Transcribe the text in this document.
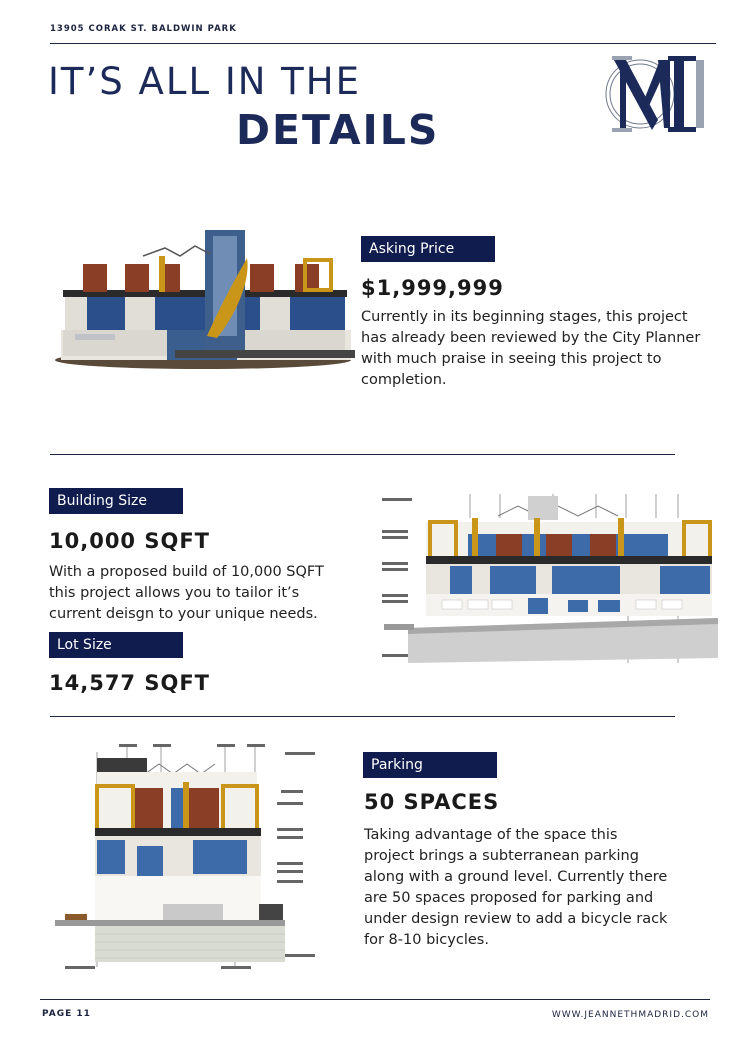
13905 CORAK ST. BALDWIN PARK
IT’S ALL IN THE
DETAILS	MJ
Asking Price
$1,999,999
Currently in its beginning stages, this project has already been reviewed by the City Planner with much praise in seeing this project to completion.
Building Size
10,000 SQFT
With a proposed build of 10,000 SQFT this project allows you to tailor it’s current deisgn to your unique needs.
Lot Size
14,577 SQFT
Parking
50 SPACES
Taking advantage of the space this project brings a subterranean parking along with a ground level. Currently there are 50 spaces proposed for parking and under design review to add a bicycle rack for 8-10 bicycles.
PAGE 11	WWW.JEANNETHMADRID.COM
